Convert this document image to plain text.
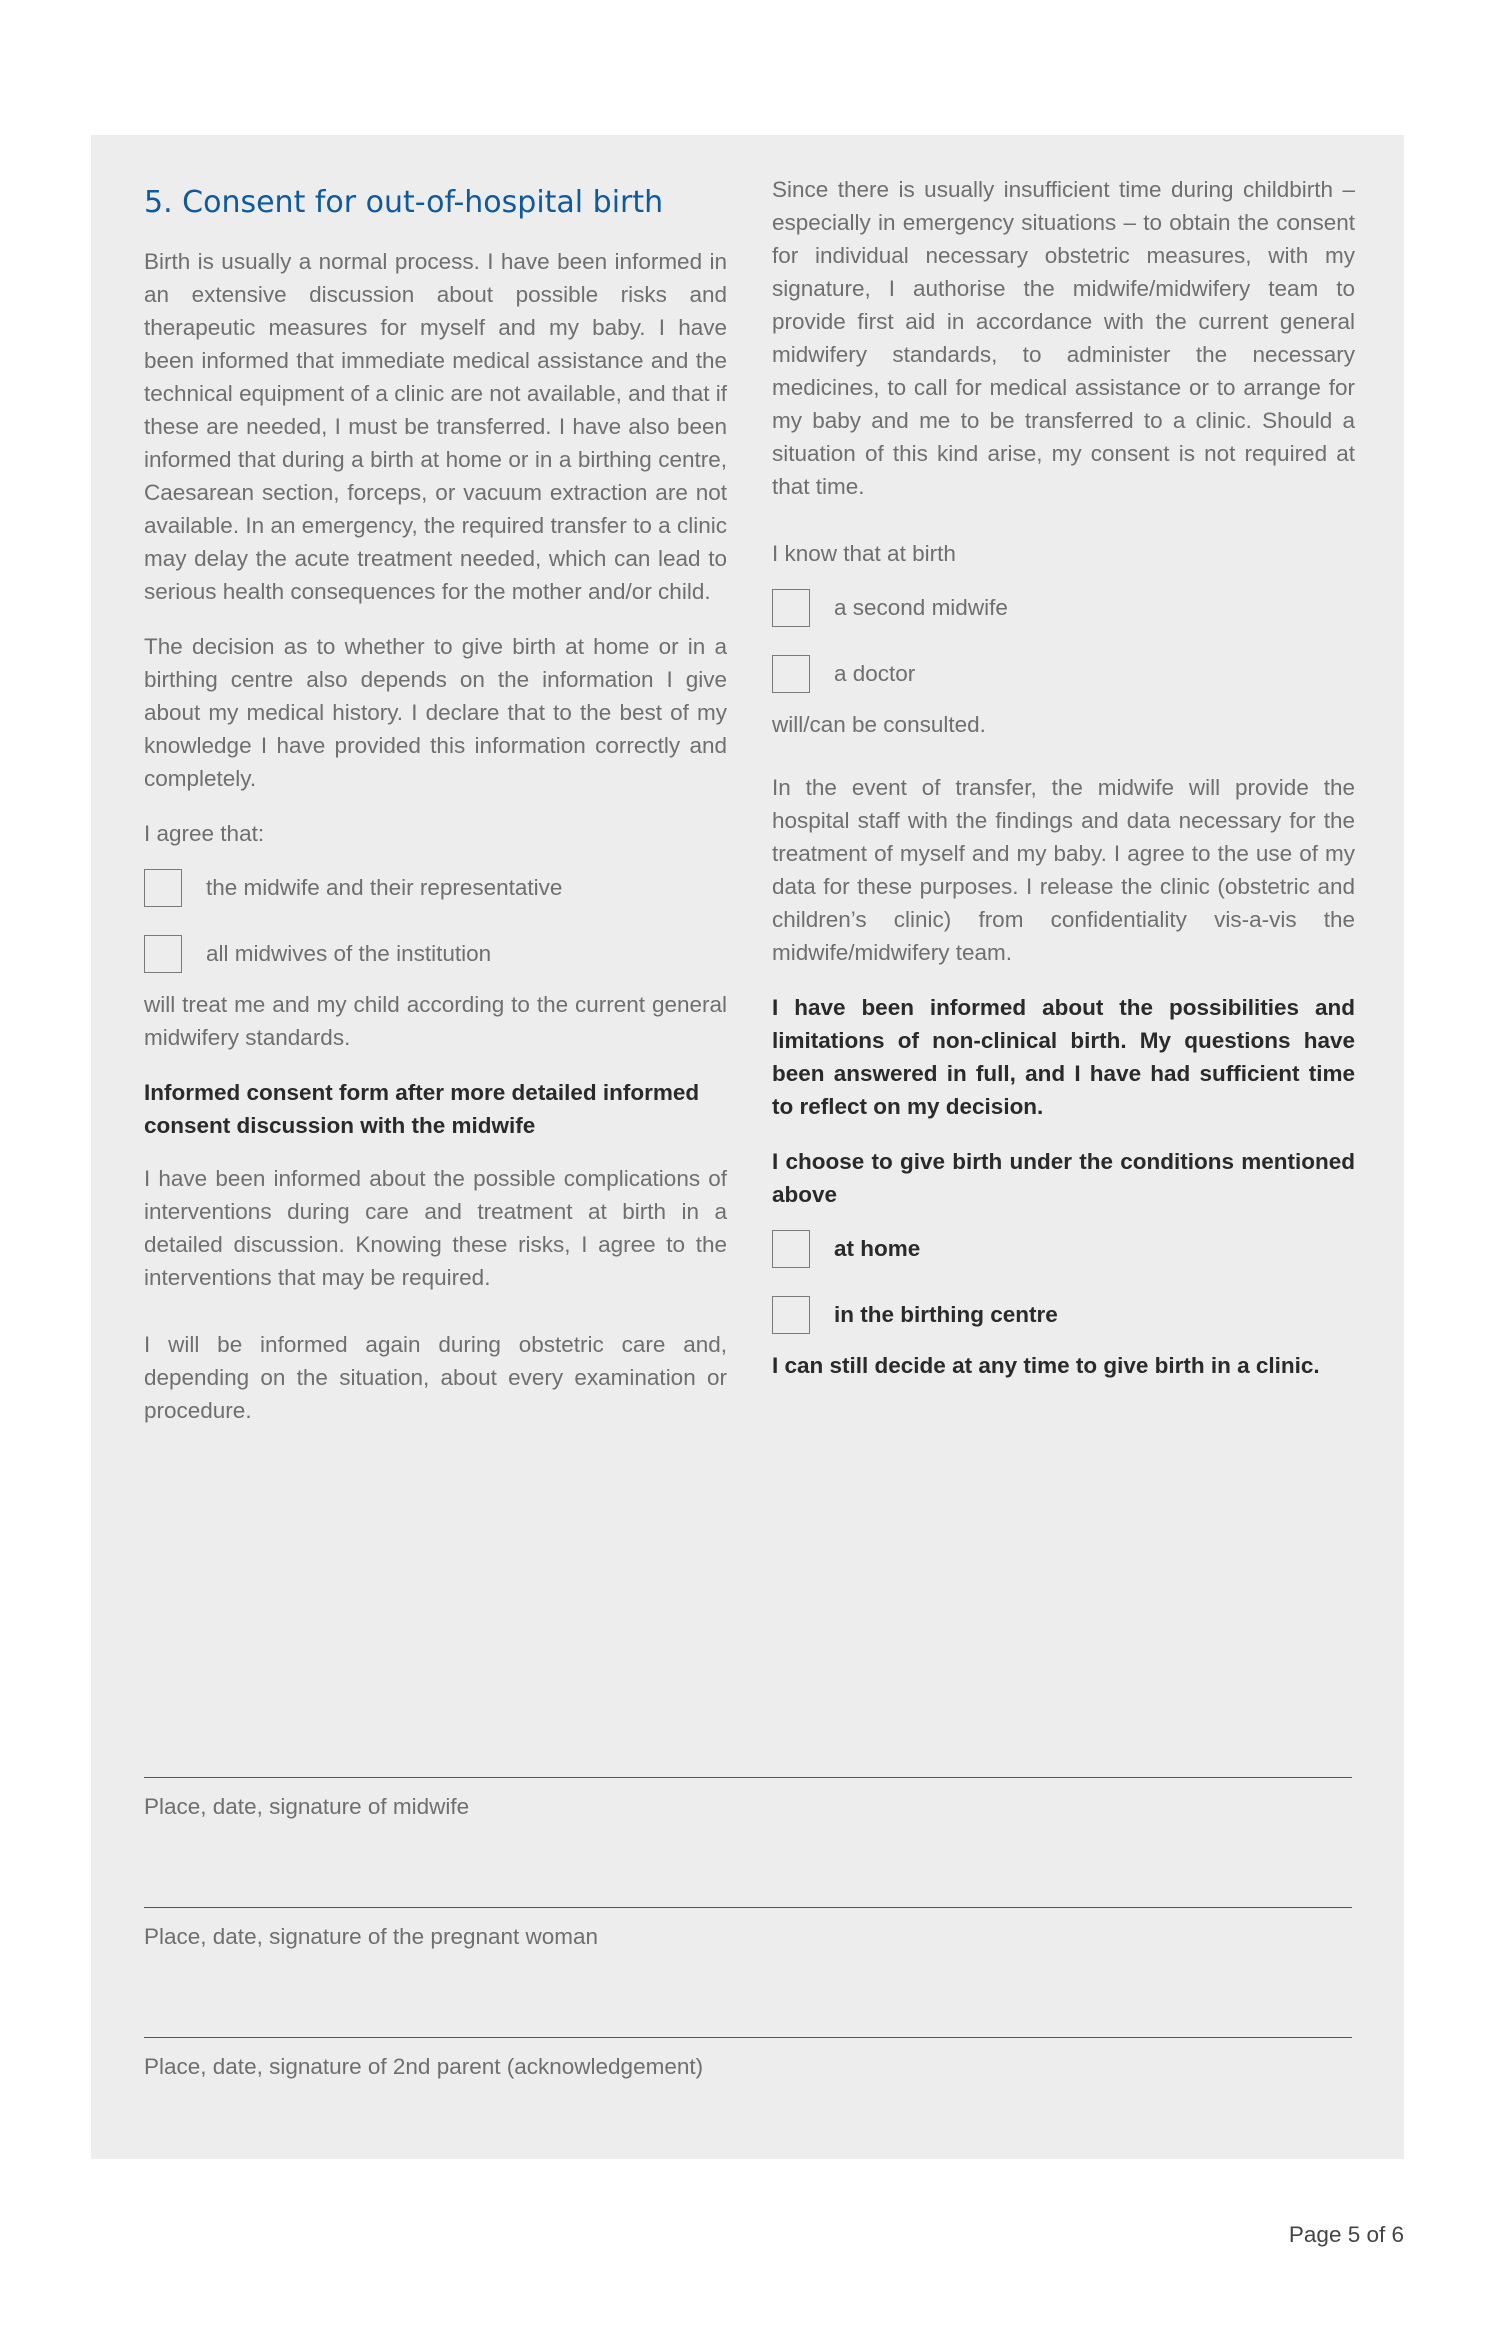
5. Consent for out-of-hospital birth

Birth is usually a normal process. I have been informed in an extensive discussion about possible risks and therapeutic measures for myself and my baby. I have been informed that immediate medical assistance and the technical equipment of a clinic are not available, and that if these are needed, I must be transferred. I have also been informed that during a birth at home or in a birthing centre, Caesarean section, forceps, or vacuum extraction are not available. In an emergency, the required transfer to a clinic may delay the acute treatment needed, which can lead to serious health consequences for the mother and/or child.

The decision as to whether to give birth at home or in a birthing centre also depends on the information I give about my medical history. I declare that to the best of my knowledge I have provided this information correctly and completely.

I agree that:

the midwife and their representative
all midwives of the institution

will treat me and my child according to the current general midwifery standards.

Informed consent form after more detailed informed consent discussion with the midwife

I have been informed about the possible complications of interventions during care and treatment at birth in a detailed discussion. Knowing these risks, I agree to the interventions that may be required.

I will be informed again during obstetric care and, depending on the situation, about every examination or procedure.

Since there is usually insufficient time during childbirth – especially in emergency situations – to obtain the consent for individual necessary obstetric measures, with my signature, I authorise the midwife/midwifery team to provide first aid in accordance with the current general midwifery standards, to administer the necessary medicines, to call for medical assistance or to arrange for my baby and me to be transferred to a clinic. Should a situation of this kind arise, my consent is not required at that time.

I know that at birth

a second midwife
a doctor

will/can be consulted.

In the event of transfer, the midwife will provide the hospital staff with the findings and data necessary for the treatment of myself and my baby. I agree to the use of my data for these purposes. I release the clinic (obstetric and children’s clinic) from confidentiality vis-a-vis the midwife/midwifery team.

I have been informed about the possibilities and limitations of non-clinical birth. My questions have been answered in full, and I have had sufficient time to reflect on my decision.

I choose to give birth under the conditions mentioned above

at home
in the birthing centre

I can still decide at any time to give birth in a clinic.

Place, date, signature of midwife
Place, date, signature of the pregnant woman
Place, date, signature of 2nd parent (acknowledgement)
Page 5 of 6
